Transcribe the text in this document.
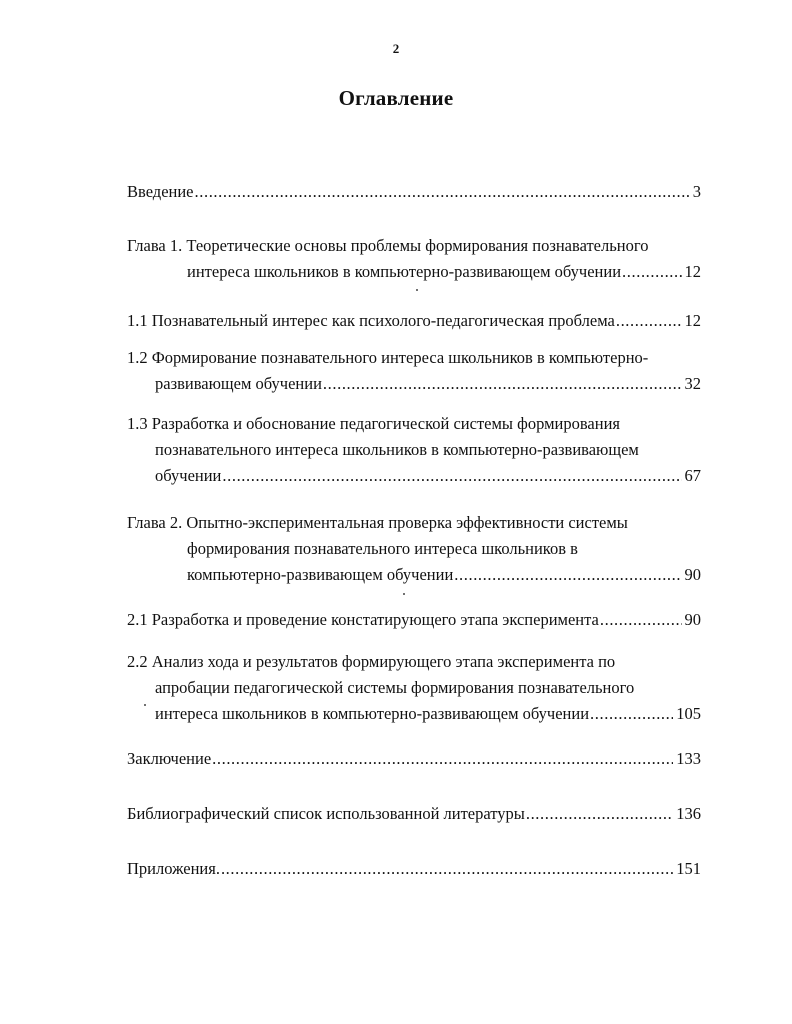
2
Оглавление
Введение .....	3
Глава 1. Теоретические основы проблемы формирования познавательного
интереса школьников в компьютерно-развивающем обучении .....	12
1.1 Познавательный интерес как психолого-педагогическая проблема .....	12
1.2 Формирование познавательного интереса школьников в компьютерно-
развивающем обучении .....	32
1.3 Разработка и обоснование педагогической системы формирования
познавательного интереса школьников в компьютерно-развивающем
обучении .....	67
Глава 2. Опытно-экспериментальная проверка эффективности системы
формирования познавательного интереса школьников в
компьютерно-развивающем обучении .....	90
2.1 Разработка и проведение констатирующего этапа эксперимента .....	90
2.2 Анализ хода и результатов формирующего этапа эксперимента по
апробации педагогической системы формирования познавательного
интереса школьников в компьютерно-развивающем обучении .....	105
Заключение .....	133
Библиографический список использованной литературы .....	136
Приложения. .....	151
